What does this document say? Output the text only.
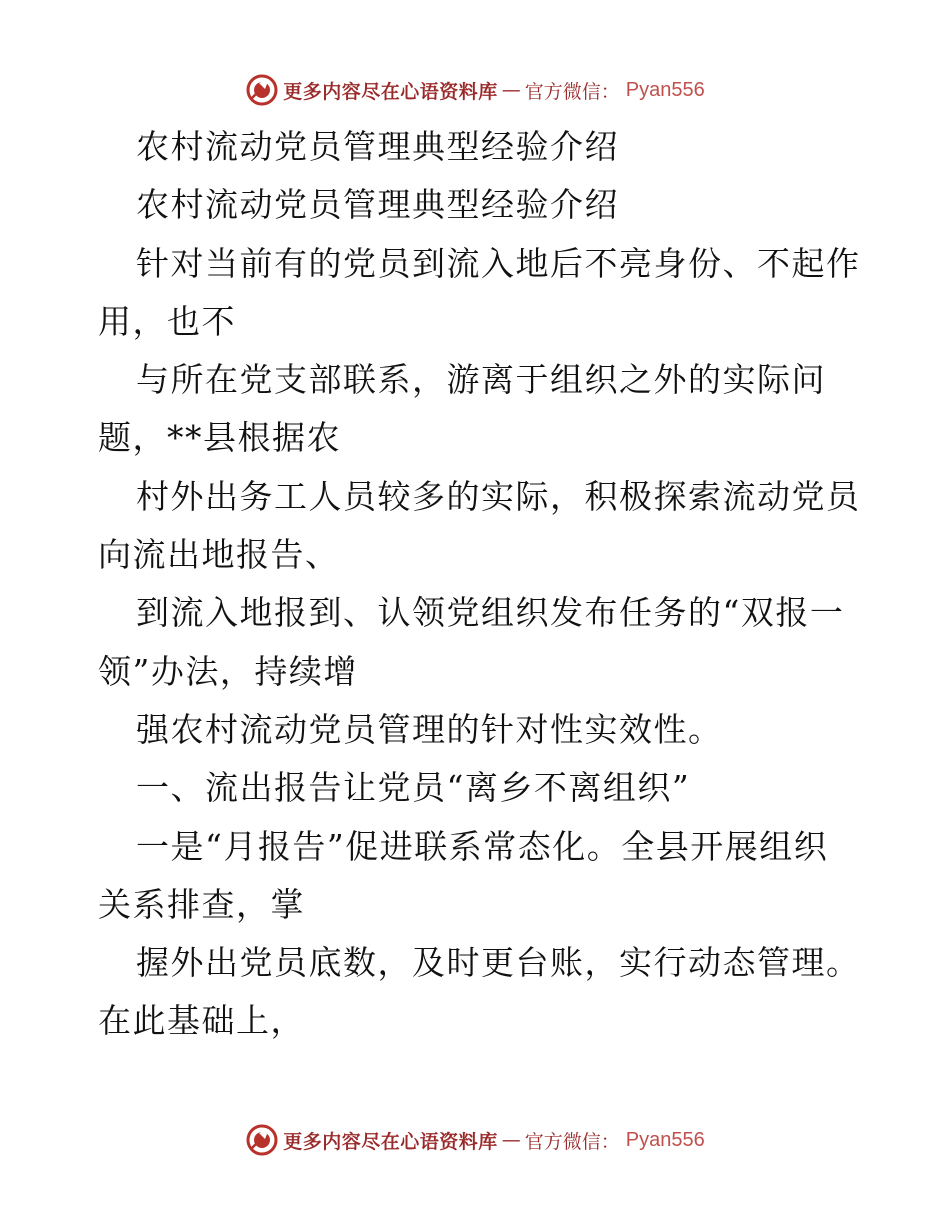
更多内容尽在心语资料库 — 官方微信： Pyan556
农村流动党员管理典型经验介绍
农村流动党员管理典型经验介绍
针对当前有的党员到流入地后不亮身份、不起作
用，也不
与所在党支部联系，游离于组织之外的实际问
题，**县根据农
村外出务工人员较多的实际，积极探索流动党员
向流出地报告、
到流入地报到、认领党组织发布任务的“双报一
领”办法，持续增
强农村流动党员管理的针对性实效性。
一、流出报告让党员“离乡不离组织”
一是“月报告”促进联系常态化。全县开展组织
关系排查，掌
握外出党员底数，及时更台账，实行动态管理。
在此基础上，
更多内容尽在心语资料库 — 官方微信： Pyan556
